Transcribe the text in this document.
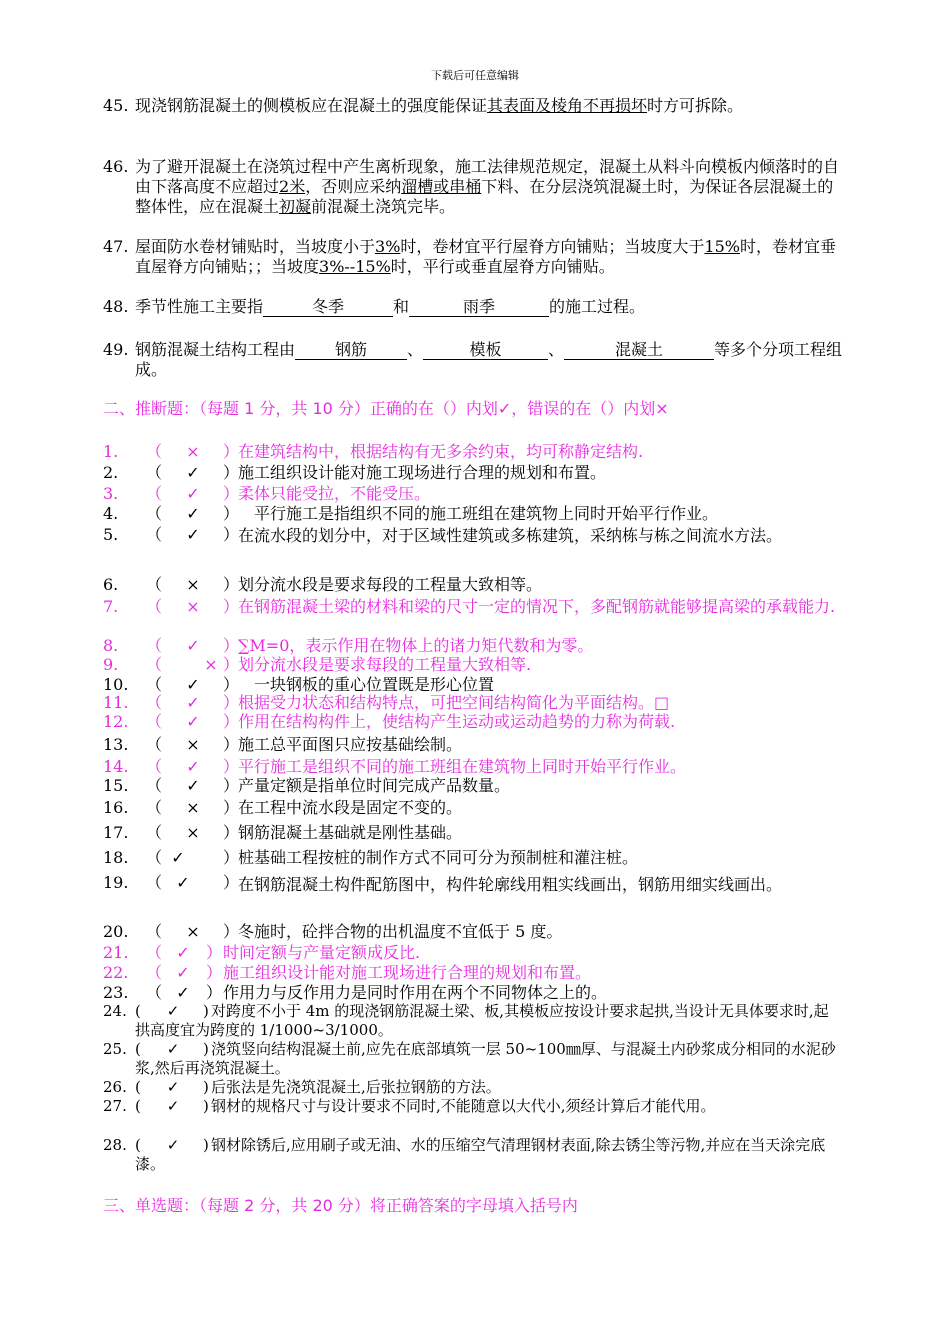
下载后可任意编辑
45. 现浇钢筋混凝土的侧模板应在混凝土的强度能保证其表面及棱角不再损坏时方可拆除。
46. 为了避开混凝土在浇筑过程中产生离析现象，施工法律规范规定，混凝土从料斗向模板内倾落时的自由下落高度不应超过2米，否则应采纳溜槽或串桶下料、在分层浇筑混凝土时，为保证各层混凝土的整体性，应在混凝土初凝前混凝土浇筑完毕。
47. 屋面防水卷材铺贴时，当坡度小于3%时，卷材宜平行屋脊方向铺贴；当坡度大于15%时，卷材宜垂直屋脊方向铺贴；；当坡度3%--15%时，平行或垂直屋脊方向铺贴。
48. 季节性施工主要指	冬季	和	雨季	的施工过程。
49. 钢筋混凝土结构工程由 钢筋	、	模板	、	混凝土	等多个分项工程组成。
二、推断题：（每题 1 分，共 10 分）正确的在（）内划✓，错误的在（）内划×
1. （	×	）
在建筑结构中，根据结构有无多余约束，均可称静定结构.
2. （	✓	）
施工组织设计能对施工现场进行合理的规划和布置。
3. （	✓	）
柔体只能受拉，不能受压。
4. （	✓	）
　平行施工是指组织不同的施工班组在建筑物上同时开始平行作业。
5. （	✓	）
在流水段的划分中，对于区域性建筑或多栋建筑，采纳栋与栋之间流水方法。
6. （	×	）
划分流水段是要求每段的工程量大致相等。
7. （	×	）
在钢筋混凝土梁的材料和梁的尺寸一定的情况下，多配钢筋就能够提高梁的承载能力.
8. （	✓	）
∑M=0，表示作用在物体上的诸力矩代数和为零。
9. （	× ）
划分流水段是要求每段的工程量大致相等.
10. （	✓	）
　一块钢板的重心位置既是形心位置
11. （	✓	）
根据受力状态和结构特点，可把空间结构简化为平面结构。□
12. （	✓	）
作用在结构构件上，使结构产生运动或运动趋势的力称为荷载.
13. （	×	）
施工总平面图只应按基础绘制。
14. （	✓	）
平行施工是组织不同的施工班组在建筑物上同时开始平行作业。
15. （	✓	）
产量定额是指单位时间完成产品数量。
16. （	×	）
在工程中流水段是固定不变的。
17. （	×	）
钢筋混凝土基础就是刚性基础。
18. （ ✓	）
桩基础工程按桩的制作方式不同可分为预制桩和灌注桩。
19. （ ✓	）
在钢筋混凝土构件配筋图中，构件轮廓线用粗实线画出，钢筋用细实线画出。
20. （	×	）
冬施时，砼拌合物的出机温度不宜低于 5 度。
21. （ ✓	） 时间定额与产量定额成反比.
22. （ ✓	） 施工组织设计能对施工现场进行合理的规划和布置。
23. （ ✓	） 作用力与反作用力是同时作用在两个不同物体之上的。
24. (	✓	) 对跨度不小于 4m 的现浇钢筋混凝土梁、板,其模板应按设计要求起拱,当设计无具体要求时,起拱高度宜为跨度的 1/1000~3/1000。
25. (	✓	) 浇筑竖向结构混凝土前,应先在底部填筑一层 50~100㎜厚、与混凝土内砂浆成分相同的水泥砂浆,然后再浇筑混凝土。
26. (	✓	) 后张法是先浇筑混凝土,后张拉钢筋的方法。
27. (	✓	) 钢材的规格尺寸与设计要求不同时,不能随意以大代小,须经计算后才能代用。
28. (	✓	) 钢材除锈后,应用刷子或无油、水的压缩空气清理钢材表面,除去锈尘等污物,并应在当天涂完底漆。
三、单选题：（每题 2 分，共 20 分）将正确答案的字母填入括号内
